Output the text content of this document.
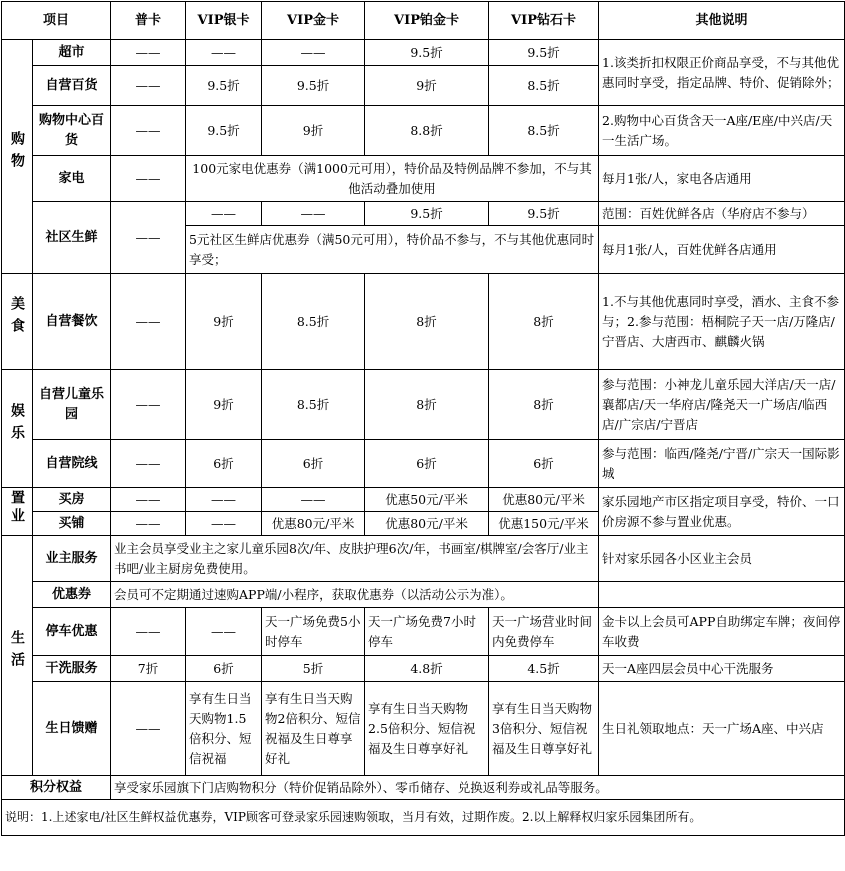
项目		普卡	VIP银卡	VIP金卡	VIP铂金卡	VIP钻石卡	其他说明
购物	超市	——	——	——	9.5折	9.5折	1.该类折扣权限正价商品享受，不与其他优惠同时享受，指定品牌、特价、促销除外；
	自营百货	——	9.5折	9.5折	9折	8.5折	
	购物中心百货	——	9.5折	9折	8.8折	8.5折	2.购物中心百货含天一A座/E座/中兴店/天一生活广场。
	家电	——	100元家电优惠券（满1000元可用），特价品及特例品牌不参加，不与其他活动叠加使用				每月1张/人，家电各店通用
	社区生鲜	——	——	——	9.5折	9.5折	范围：百姓优鲜各店（华府店不参与）
			5元社区生鲜店优惠券（满50元可用），特价品不参与，不与其他优惠同时享受；				每月1张/人，百姓优鲜各店通用
美食	自营餐饮	——	9折	8.5折	8折	8折	1.不与其他优惠同时享受，酒水、主食不参与；2.参与范围：梧桐院子天一店/万隆店/宁晋店、大唐西市、麒麟火锅
娱乐	自营儿童乐园	——	9折	8.5折	8折	8折	参与范围：小神龙儿童乐园大洋店/天一店/襄都店/天一华府店/隆尧天一广场店/临西店/广宗店/宁晋店
	自营院线	——	6折	6折	6折	6折	参与范围：临西/隆尧/宁晋/广宗天一国际影城
置业	买房	——	——	——	优惠50元/平米	优惠80元/平米	家乐园地产市区指定项目享受，特价、一口价房源不参与置业优惠。
	买铺	——	——	优惠80元/平米	优惠80元/平米	优惠150元/平米	
生活	业主服务	业主会员享受业主之家儿童乐园8次/年、皮肤护理6次/年，书画室/棋牌室/会客厅/业主书吧/业主厨房免费使用。					针对家乐园各小区业主会员
	优惠券	会员可不定期通过速购APP端/小程序，获取优惠券（以活动公示为准）。					
	停车优惠	——	——	天一广场免费5小时停车	天一广场免费7小时停车	天一广场营业时间内免费停车	金卡以上会员可APP自助绑定车牌；夜间停车收费
	干洗服务	7折	6折	5折	4.8折	4.5折	天一A座四层会员中心干洗服务
	生日馈赠	——	享有生日当天购物1.5倍积分、短信祝福	享有生日当天购物2倍积分、短信祝福及生日尊享好礼	享有生日当天购物2.5倍积分、短信祝福及生日尊享好礼	享有生日当天购物3倍积分、短信祝福及生日尊享好礼	生日礼领取地点：天一广场A座、中兴店
积分权益		享受家乐园旗下门店购物积分（特价促销品除外）、零币储存、兑换返利券或礼品等服务。					
说明：1.上述家电/社区生鲜权益优惠券，VIP顾客可登录家乐园速购领取，当月有效，过期作废。2.以上解释权归家乐园集团所有。							
